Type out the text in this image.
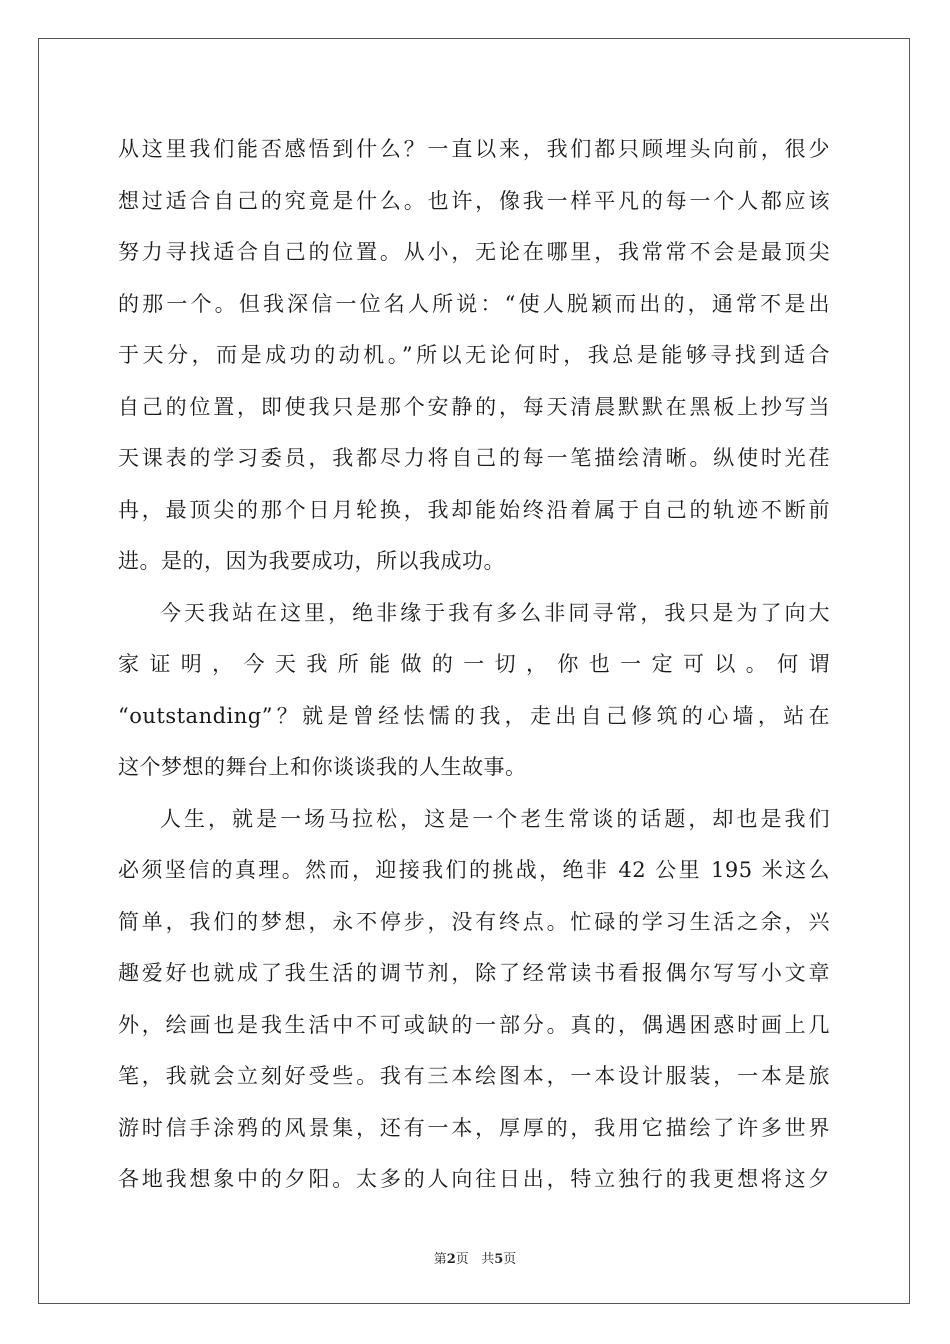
从这里我们能否感悟到什么？一直以来，我们都只顾埋头向前，很少
想过适合自己的究竟是什么。也许，像我一样平凡的每一个人都应该
努力寻找适合自己的位置。从小，无论在哪里，我常常不会是最顶尖
的那一个。但我深信一位名人所说：“使人脱颖而出的，通常不是出
于天分，而是成功的动机。”所以无论何时，我总是能够寻找到适合
自己的位置，即使我只是那个安静的，每天清晨默默在黑板上抄写当
天课表的学习委员，我都尽力将自己的每一笔描绘清晰。纵使时光荏
冉，最顶尖的那个日月轮换，我却能始终沿着属于自己的轨迹不断前
进。是的，因为我要成功，所以我成功。
今天我站在这里，绝非缘于我有多么非同寻常，我只是为了向大
家证明，今天我所能做的一切，你也一定可以。何谓
“outstanding”？就是曾经怯懦的我，走出自己修筑的心墙，站在
这个梦想的舞台上和你谈谈我的人生故事。
人生，就是一场马拉松，这是一个老生常谈的话题，却也是我们
必须坚信的真理。然而，迎接我们的挑战，绝非 42 公里 195 米这么
简单，我们的梦想，永不停步，没有终点。忙碌的学习生活之余，兴
趣爱好也就成了我生活的调节剂，除了经常读书看报偶尔写写小文章
外，绘画也是我生活中不可或缺的一部分。真的，偶遇困惑时画上几
笔，我就会立刻好受些。我有三本绘图本，一本设计服装，一本是旅
游时信手涂鸦的风景集，还有一本，厚厚的，我用它描绘了许多世界
各地我想象中的夕阳。太多的人向往日出，特立独行的我更想将这夕
第2页 共5页
